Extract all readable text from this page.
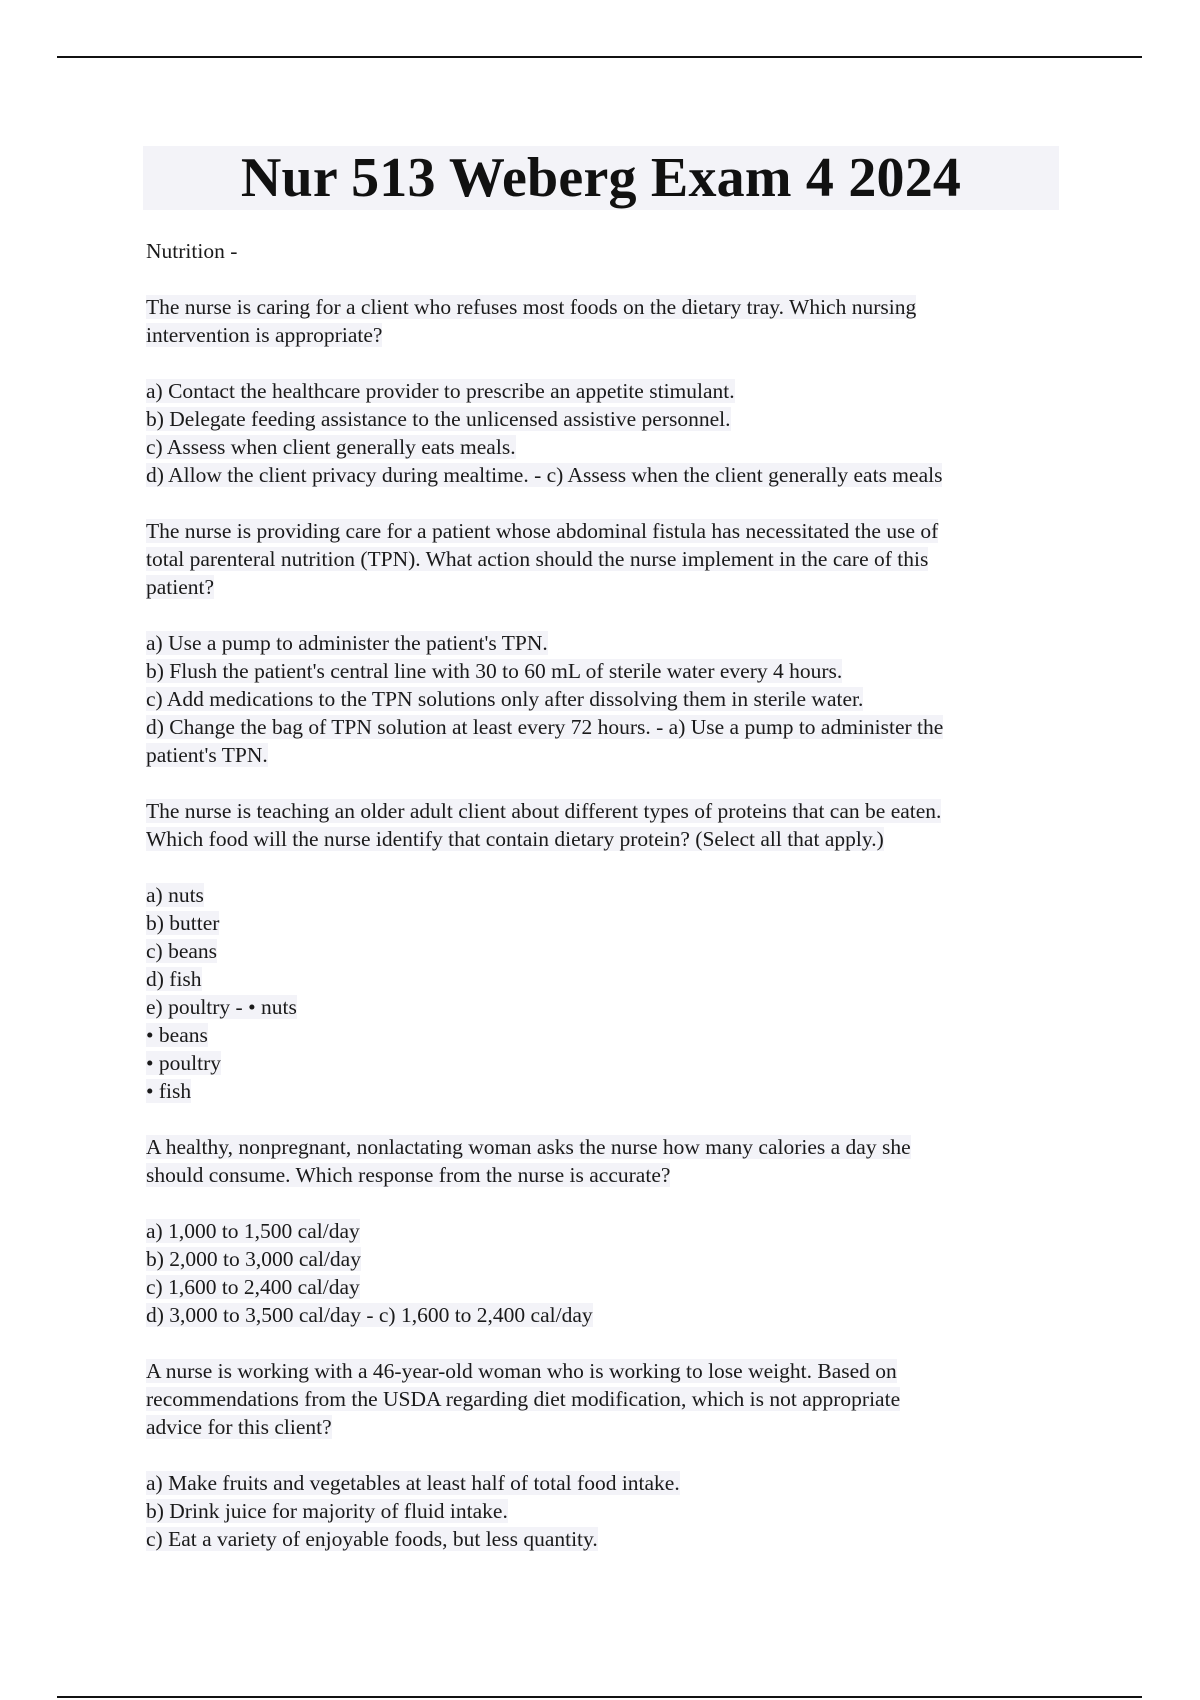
Nur 513 Weberg Exam 4 2024
Nutrition -
The nurse is caring for a client who refuses most foods on the dietary tray. Which nursing
intervention is appropriate?
a) Contact the healthcare provider to prescribe an appetite stimulant.
b) Delegate feeding assistance to the unlicensed assistive personnel.
c) Assess when client generally eats meals.
d) Allow the client privacy during mealtime. - c) Assess when the client generally eats meals
The nurse is providing care for a patient whose abdominal fistula has necessitated the use of
total parenteral nutrition (TPN). What action should the nurse implement in the care of this
patient?
a) Use a pump to administer the patient's TPN.
b) Flush the patient's central line with 30 to 60 mL of sterile water every 4 hours.
c) Add medications to the TPN solutions only after dissolving them in sterile water.
d) Change the bag of TPN solution at least every 72 hours. - a) Use a pump to administer the
patient's TPN.
The nurse is teaching an older adult client about different types of proteins that can be eaten.
Which food will the nurse identify that contain dietary protein? (Select all that apply.)
a) nuts
b) butter
c) beans
d) fish
e) poultry - • nuts
• beans
• poultry
• fish
A healthy, nonpregnant, nonlactating woman asks the nurse how many calories a day she
should consume. Which response from the nurse is accurate?
a) 1,000 to 1,500 cal/day
b) 2,000 to 3,000 cal/day
c) 1,600 to 2,400 cal/day
d) 3,000 to 3,500 cal/day - c) 1,600 to 2,400 cal/day
A nurse is working with a 46-year-old woman who is working to lose weight. Based on
recommendations from the USDA regarding diet modification, which is not appropriate
advice for this client?
a) Make fruits and vegetables at least half of total food intake.
b) Drink juice for majority of fluid intake.
c) Eat a variety of enjoyable foods, but less quantity.
